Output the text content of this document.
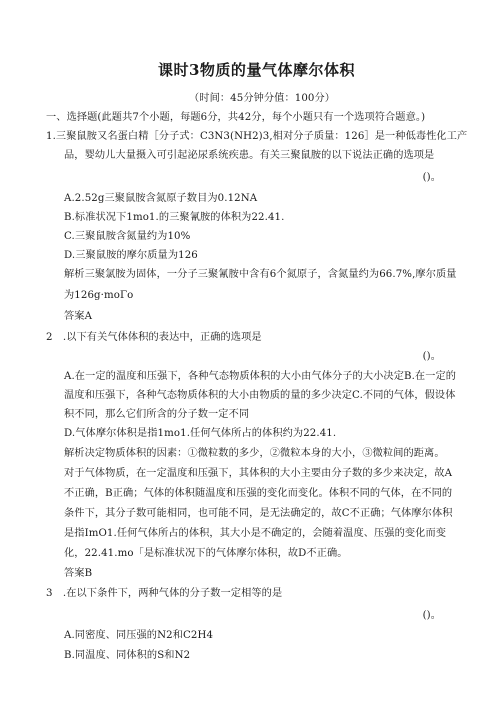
课时3物质的量气体摩尔体积
（时间：45分钟分值：100分）
一、选择题(此题共7个小题，每题6分，共42分，每个小题只有一个选项符合题意。)
1.三聚鼠胺又名蛋白精［分子式：C3N3(NH2)3,相对分子质量：126］是一种低毒性化工产
品，婴幼儿大量摄入可引起泌尿系统疾患。有关三聚鼠胺的以下说法正确的选项是
()。
A.2.52g三聚鼠胺含氮原子数目为0.12NA
B.标准状况下1mo1.的三聚氰胺的体积为22.41.
C.三聚鼠胺含氮量约为10%
D.三聚鼠胺的摩尔质量为126
解析三聚氯胺为固体，一分子三聚氰胺中含有6个氮原子，含氮量约为66.7%,摩尔质量
为126g·moΓo
答案A
2　.以下有关气体体积的表达中，正确的选项是
()。
A.在一定的温度和压强下，各种气态物质体积的大小由气体分子的大小决定B.在一定的
温度和压强下，各种气态物质体积的大小由物质的量的多少决定C.不同的气体，假设体
积不同，那么它们所含的分子数一定不同
D.气体摩尔体积是指1mo1.任何气体所占的体积约为22.41.
解析决定物质体积的因素：①微粒数的多少，②微粒本身的大小，③微粒间的距离。
对于气体物质，在一定温度和压强下，其体积的大小主要由分子数的多少来决定，故A
不正确，B正确；气体的体积随温度和压强的变化而变化。体积不同的气体，在不同的
条件下，其分子数可能相同，也可能不同，是无法确定的，故C不正确；气体摩尔体积
是指ImO1.任何气体所占的体积，其大小是不确定的，会随着温度、压强的变化而变
化，22.41.mo「是标准状况下的气体摩尔体积，故D不正确。
答案B
3　.在以下条件下，两种气体的分子数一定相等的是
()。
A.同密度、同压强的N2和C2H4
B.同温度、同体积的S和N2
